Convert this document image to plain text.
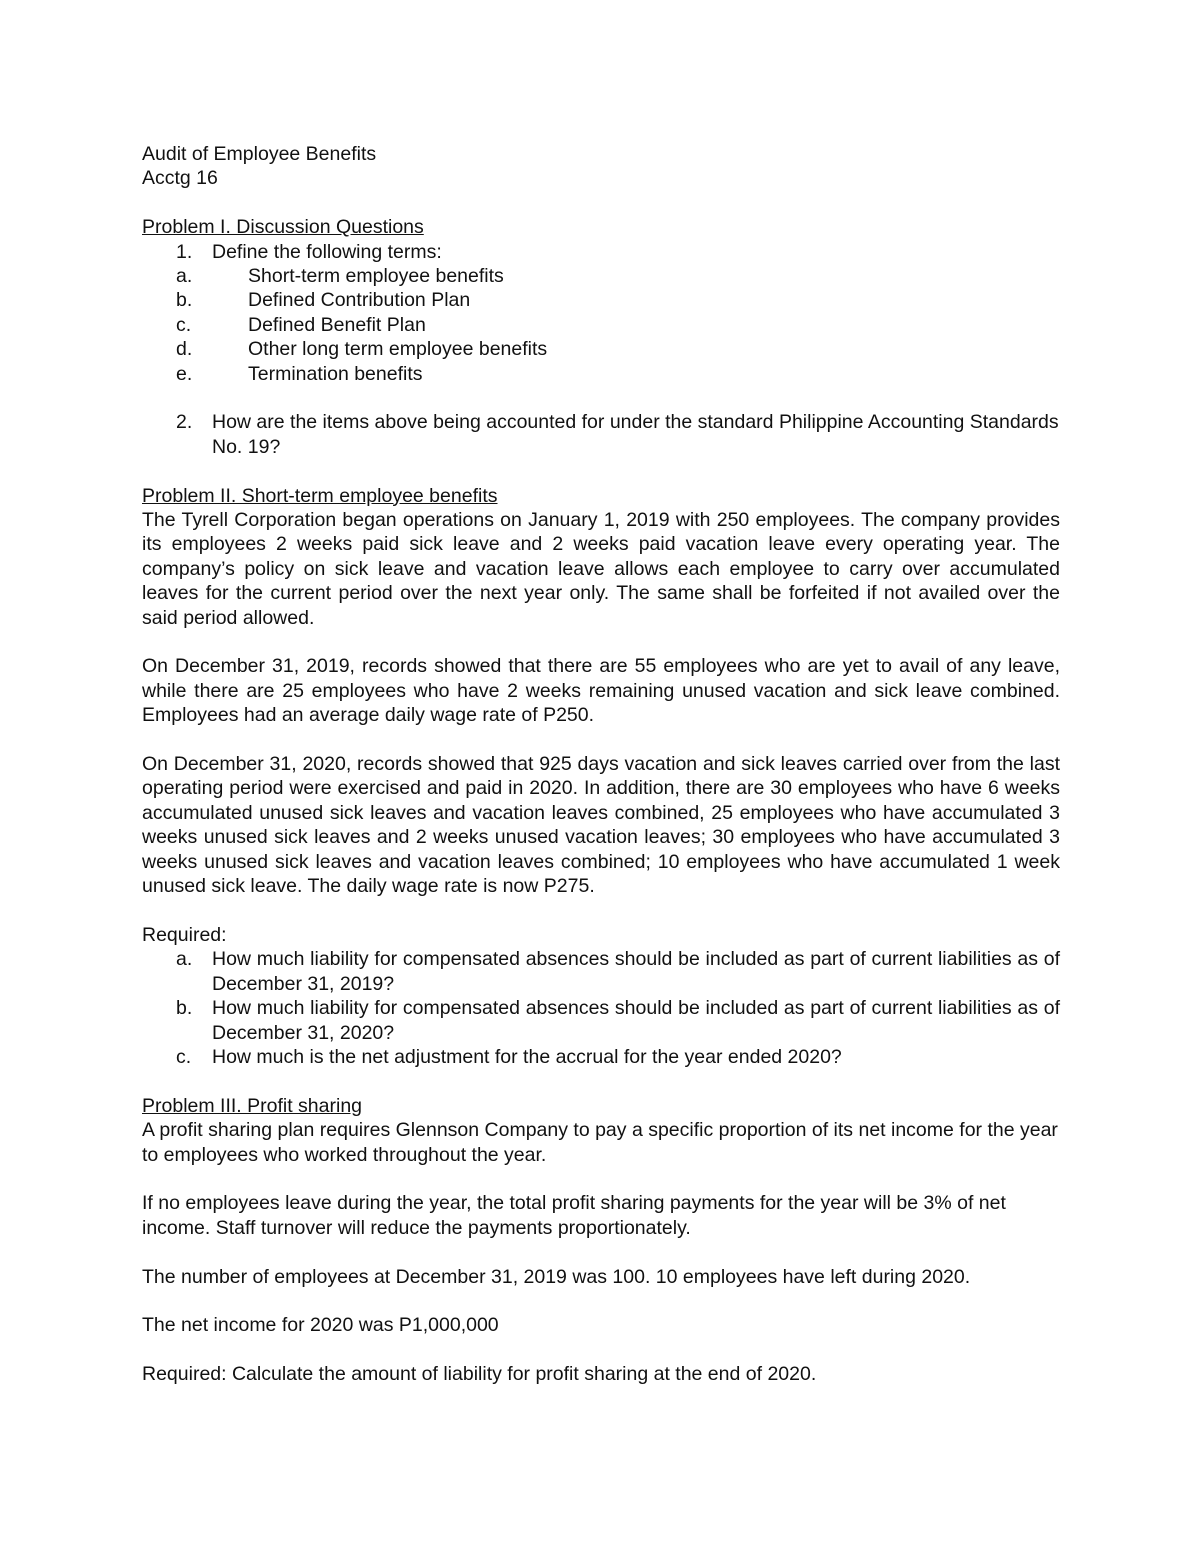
Audit of Employee Benefits
Acctg 16
Problem I. Discussion Questions
1.	Define the following terms:
a.	Short-term employee benefits
b.	Defined Contribution Plan
c.	Defined Benefit Plan
d.	Other long term employee benefits
e.	Termination benefits
2.	How are the items above being accounted for under the standard Philippine Accounting Standards No. 19?
Problem II. Short-term employee benefits
The Tyrell Corporation began operations on January 1, 2019 with 250 employees. The company provides its employees 2 weeks paid sick leave and 2 weeks paid vacation leave every operating year. The company’s policy on sick leave and vacation leave allows each employee to carry over accumulated leaves for the current period over the next year only. The same shall be forfeited if not availed over the said period allowed.
On December 31, 2019, records showed that there are 55 employees who are yet to avail of any leave, while there are 25 employees who have 2 weeks remaining unused vacation and sick leave combined. Employees had an average daily wage rate of P250.
On December 31, 2020, records showed that 925 days vacation and sick leaves carried over from the last operating period were exercised and paid in 2020. In addition, there are 30 employees who have 6 weeks accumulated unused sick leaves and vacation leaves combined, 25 employees who have accumulated 3 weeks unused sick leaves and 2 weeks unused vacation leaves; 30 employees who have accumulated 3 weeks unused sick leaves and vacation leaves combined; 10 employees who have accumulated 1 week unused sick leave. The daily wage rate is now P275.
Required:
a.	How much liability for compensated absences should be included as part of current liabilities as of December 31, 2019?
b.	How much liability for compensated absences should be included as part of current liabilities as of December 31, 2020?
c.	How much is the net adjustment for the accrual for the year ended 2020?
Problem III. Profit sharing
A profit sharing plan requires Glennson Company to pay a specific proportion of its net income for the year to employees who worked throughout the year.
If no employees leave during the year, the total profit sharing payments for the year will be 3% of net income. Staff turnover will reduce the payments proportionately.
The number of employees at December 31, 2019 was 100. 10 employees have left during 2020.
The net income for 2020 was P1,000,000
Required: Calculate the amount of liability for profit sharing at the end of 2020.
